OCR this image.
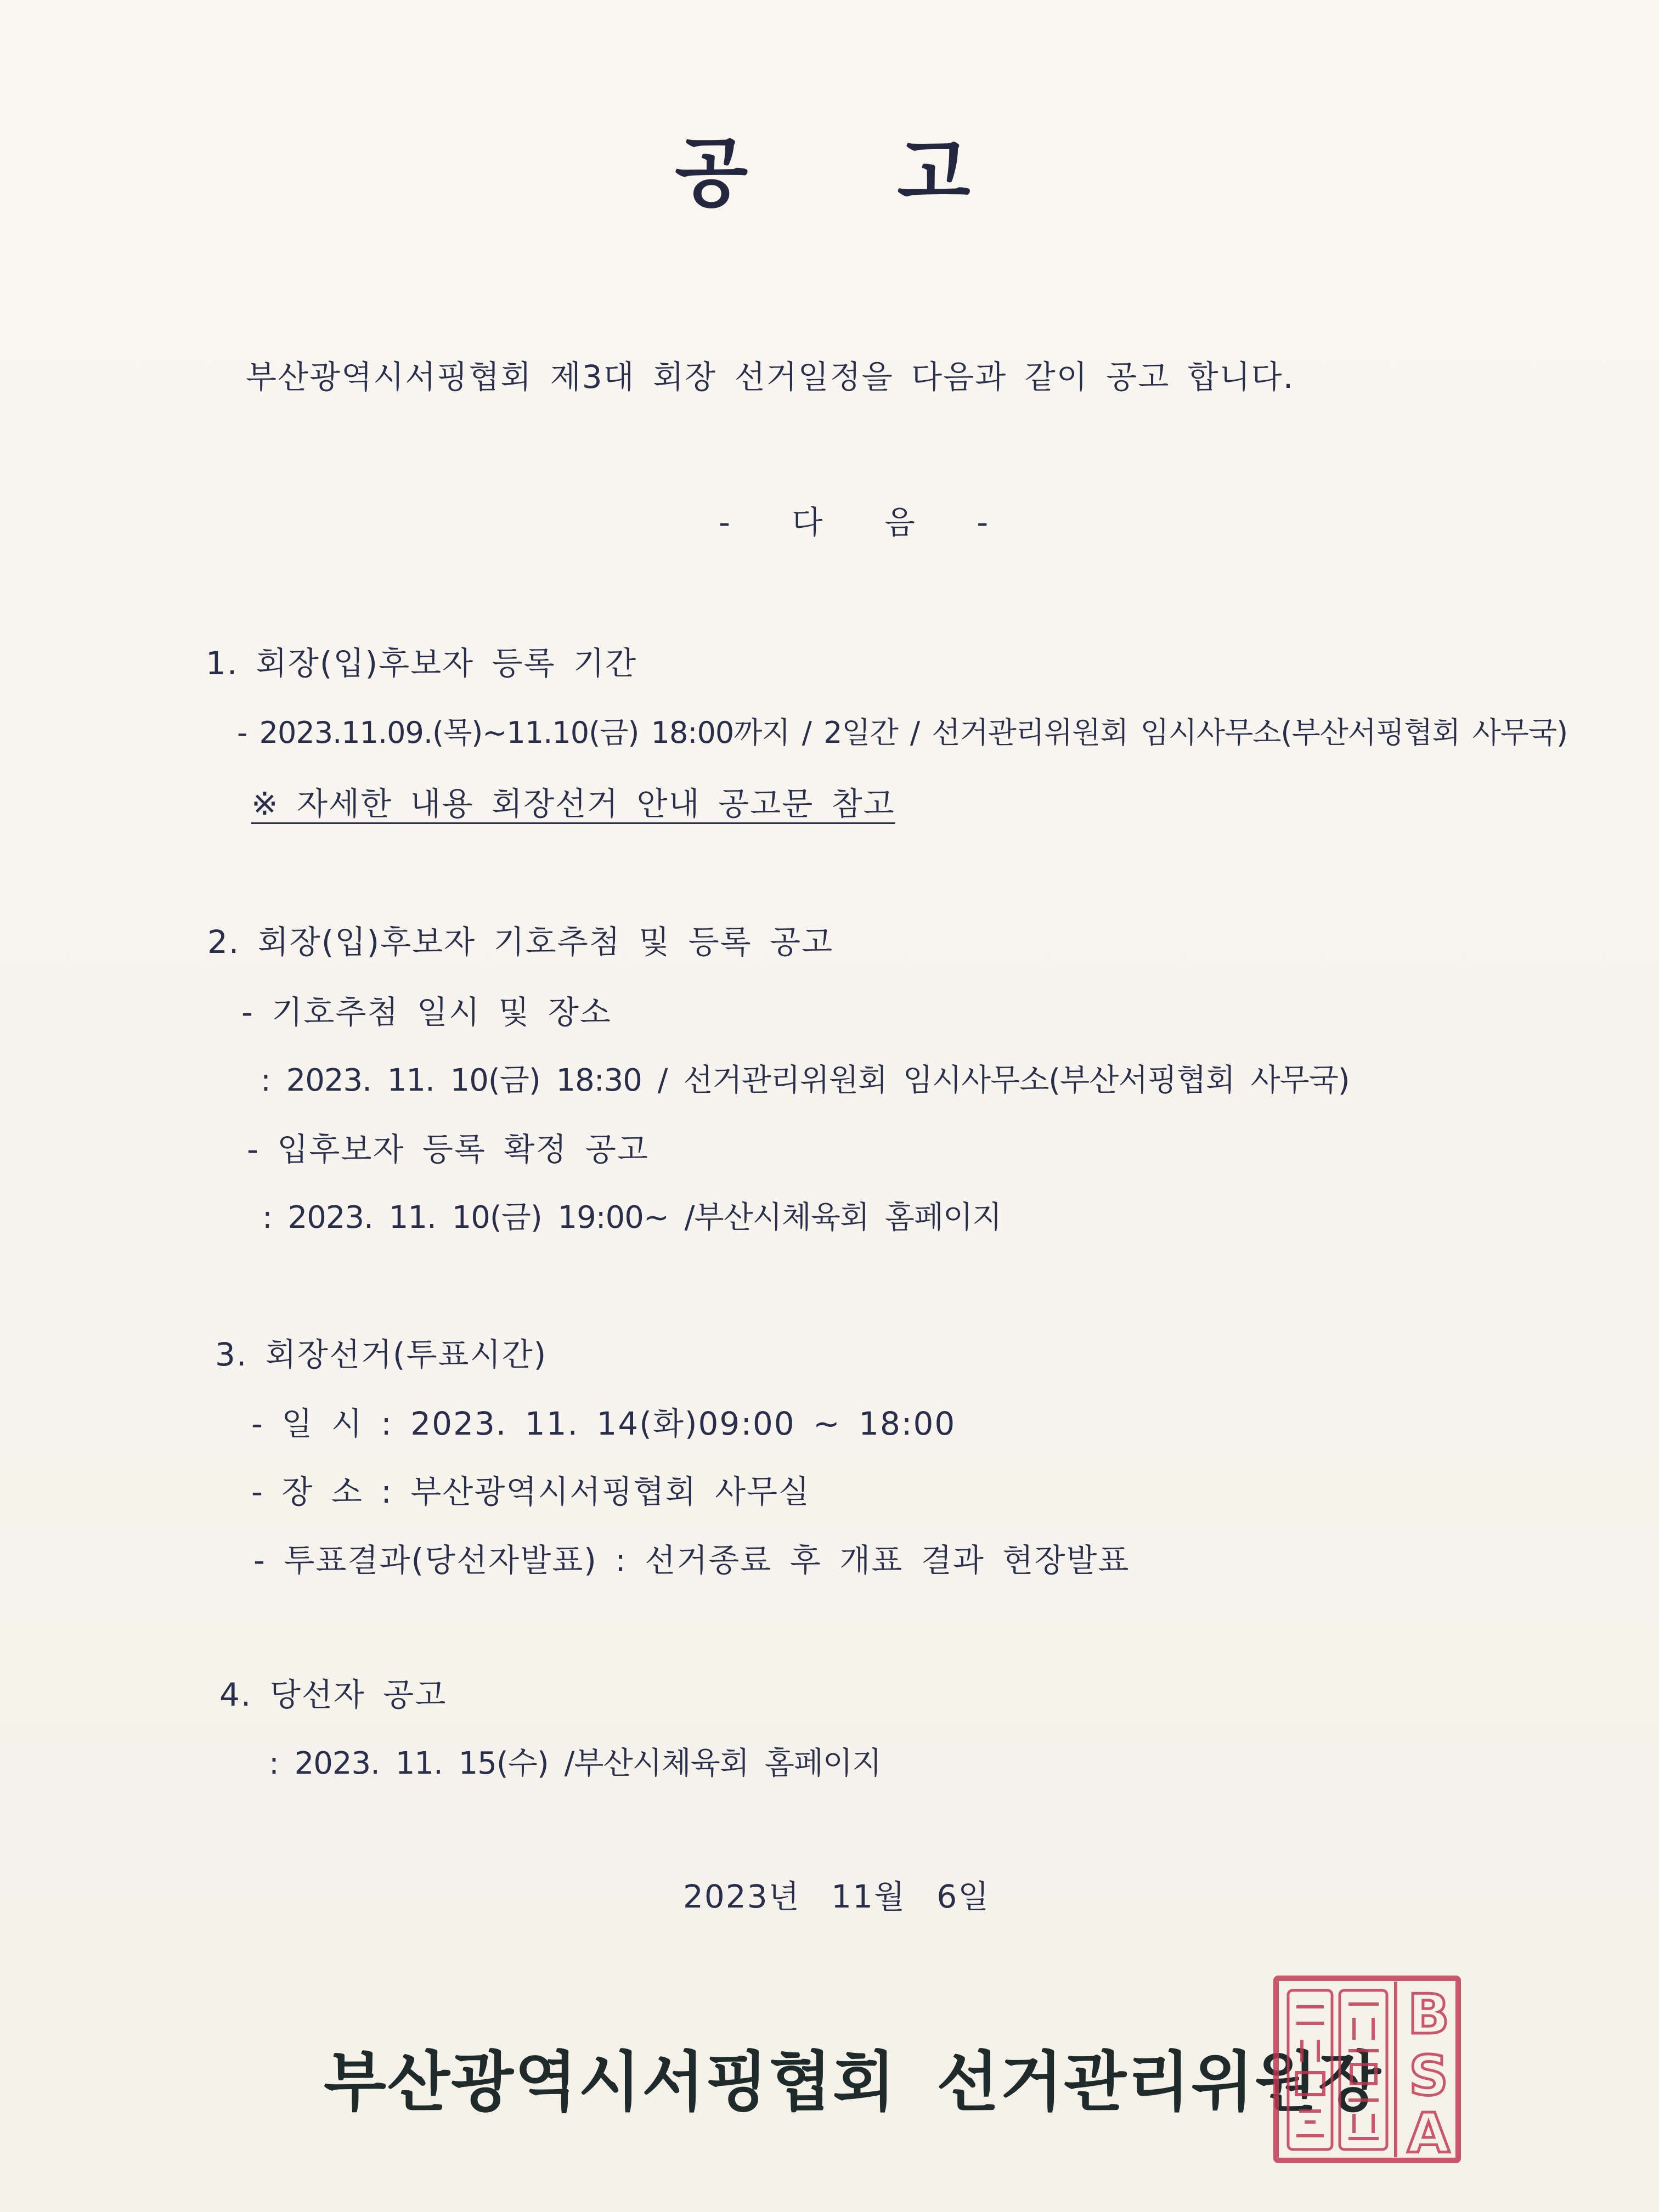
공 고
부산광역시서핑협회 제3대 회장 선거일정을 다음과 같이 공고 합니다.
- 다 음 -
1. 회장(입)후보자 등록 기간
- 2023.11.09.(목)~11.10(금) 18:00까지 / 2일간 / 선거관리위원회 임시사무소(부산서핑협회 사무국)
※ 자세한 내용 회장선거 안내 공고문 참고
2. 회장(입)후보자 기호추첨 및 등록 공고
- 기호추첨 일시 및 장소
: 2023. 11. 10(금) 18:30 / 선거관리위원회 임시사무소(부산서핑협회 사무국)
- 입후보자 등록 확정 공고
: 2023. 11. 10(금) 19:00~ /부산시체육회 홈페이지
3. 회장선거(투표시간)
- 일 시 : 2023. 11. 14(화)09:00 ~ 18:00
- 장 소 : 부산광역시서핑협회 사무실
- 투표결과(당선자발표) : 선거종료 후 개표 결과 현장발표
4. 당선자 공고
: 2023. 11. 15(수) /부산시체육회 홈페이지
2023년 11월 6일
부산광역시서핑협회 선거관리위원장
B
S
A
